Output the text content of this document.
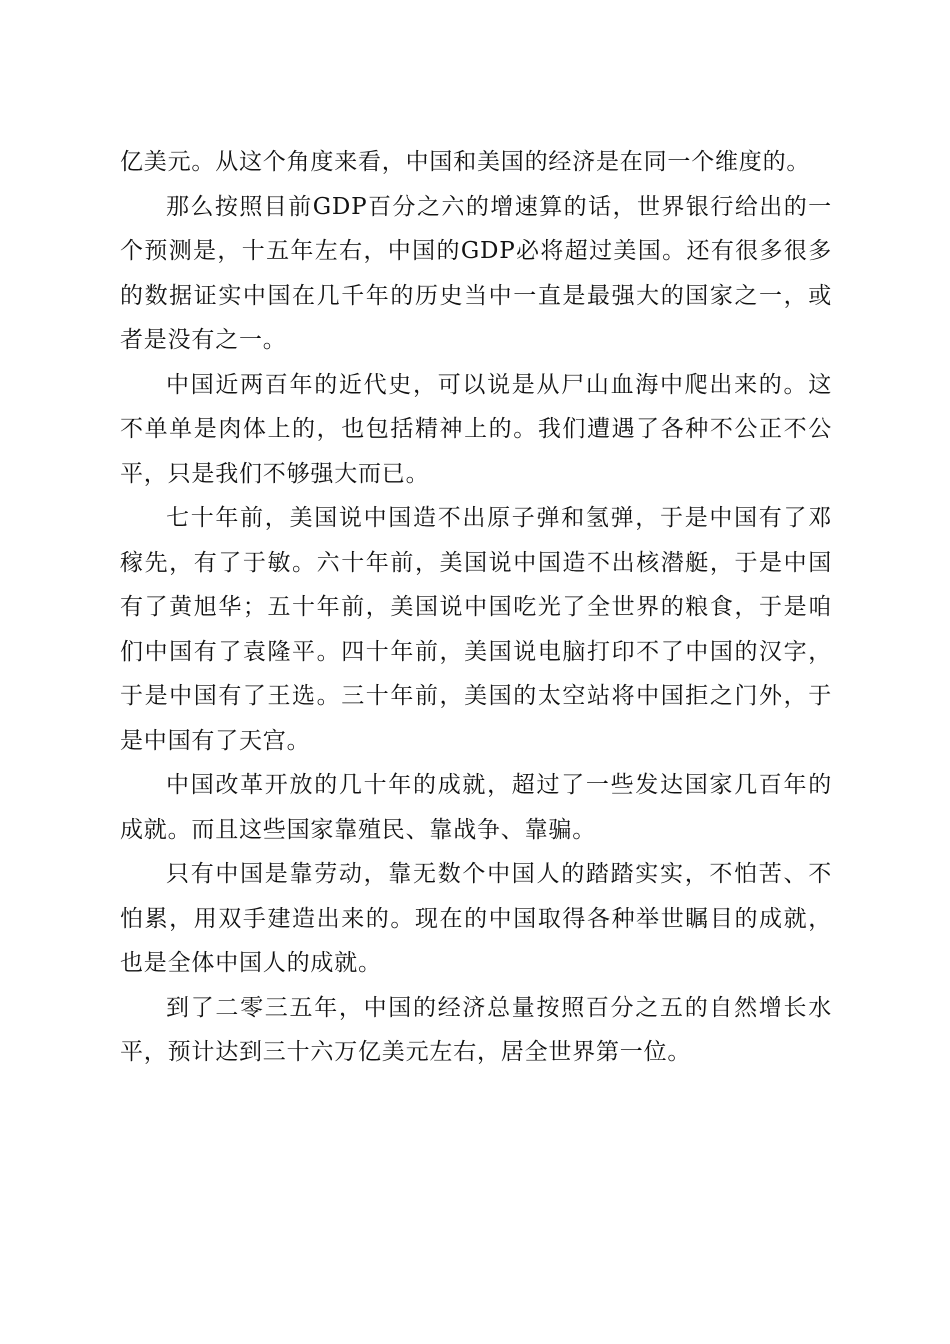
亿美元。从这个角度来看，中国和美国的经济是在同一个维度的。

那么按照目前GDP百分之六的增速算的话，世界银行给出的一个预测是，十五年左右，中国的GDP必将超过美国。还有很多很多的数据证实中国在几千年的历史当中一直是最强大的国家之一，或者是没有之一。

中国近两百年的近代史，可以说是从尸山血海中爬出来的。这不单单是肉体上的，也包括精神上的。我们遭遇了各种不公正不公平，只是我们不够强大而已。

七十年前，美国说中国造不出原子弹和氢弹，于是中国有了邓稼先，有了于敏。六十年前，美国说中国造不出核潜艇，于是中国有了黄旭华；五十年前，美国说中国吃光了全世界的粮食，于是咱们中国有了袁隆平。四十年前，美国说电脑打印不了中国的汉字，于是中国有了王选。三十年前，美国的太空站将中国拒之门外，于是中国有了天宫。

中国改革开放的几十年的成就，超过了一些发达国家几百年的成就。而且这些国家靠殖民、靠战争、靠骗。

只有中国是靠劳动，靠无数个中国人的踏踏实实，不怕苦、不怕累，用双手建造出来的。现在的中国取得各种举世瞩目的成就，也是全体中国人的成就。

到了二零三五年，中国的经济总量按照百分之五的自然增长水平，预计达到三十六万亿美元左右，居全世界第一位。
